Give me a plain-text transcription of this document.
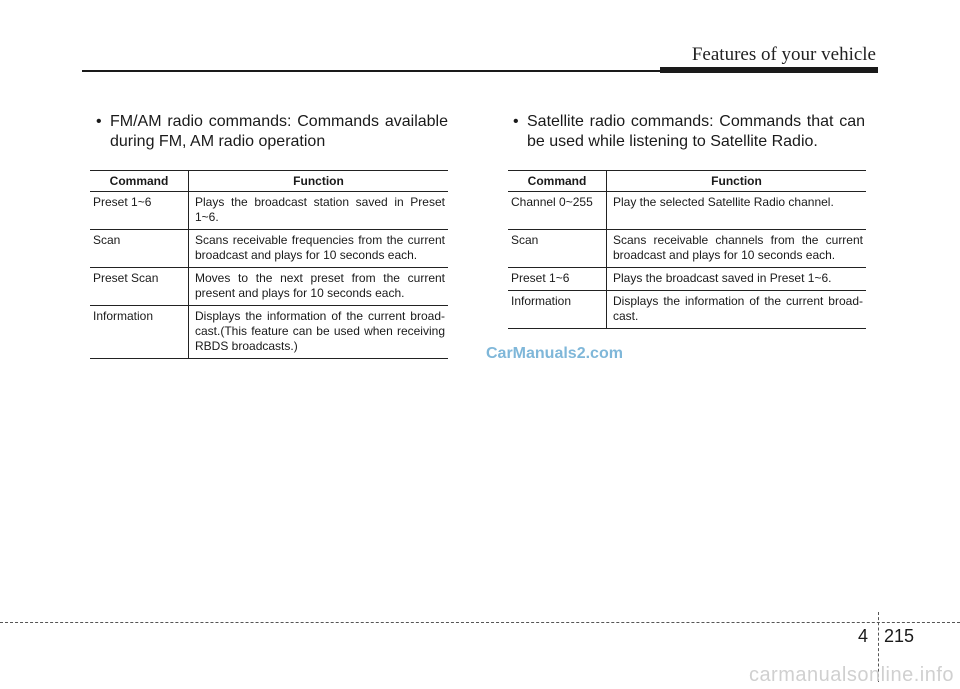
Features of your vehicle

• FM/AM radio commands: Commands available during FM, AM radio operation

Command	Function
Preset 1~6	Plays the broadcast station saved in Preset 1~6.
Scan	Scans receivable frequencies from the current broadcast and plays for 10 seconds each.
Preset Scan	Moves to the next preset from the current present and plays for 10 seconds each.
Information	Displays the information of the current broad-cast.(This feature can be used when receiving RBDS broadcasts.)

• Satellite radio commands: Commands that can be used while listening to Satellite Radio.

Command	Function
Channel 0~255	Play the selected Satellite Radio channel.
Scan	Scans receivable channels from the current broadcast and plays for 10 seconds each.
Preset 1~6	Plays the broadcast saved in Preset 1~6.
Information	Displays the information of the current broad-cast.
CarManuals2.com
4 215
carmanualsonline.info
